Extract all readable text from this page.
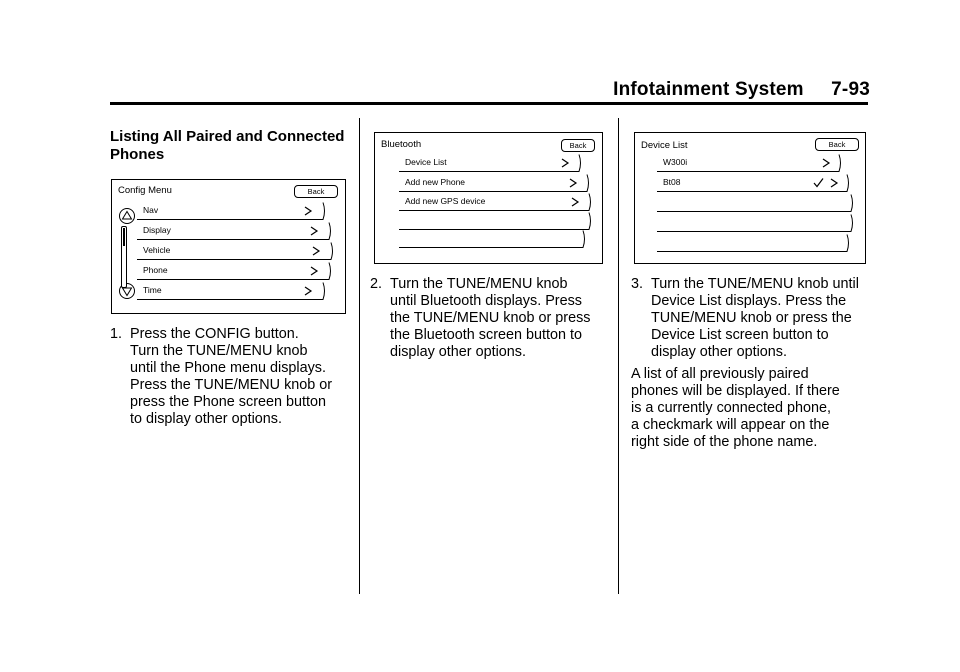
Infotainment System     7-93
Listing All Paired and Connected Phones
Config Menu	Back
Nav
Display
Vehicle
Phone
Time
Bluetooth	Back
Device List
Add new Phone
Add new GPS device
Device List	Back
W300i
Bt08
1. Press the CONFIG button.
Turn the TUNE/MENU knob
until the Phone menu displays.
Press the TUNE/MENU knob or
press the Phone screen button
to display other options.
2. Turn the TUNE/MENU knob
until Bluetooth displays. Press
the TUNE/MENU knob or press
the Bluetooth screen button to
display other options.
3. Turn the TUNE/MENU knob until
Device List displays. Press the
TUNE/MENU knob or press the
Device List screen button to
display other options.
A list of all previously paired
phones will be displayed. If there
is a currently connected phone,
a checkmark will appear on the
right side of the phone name.
